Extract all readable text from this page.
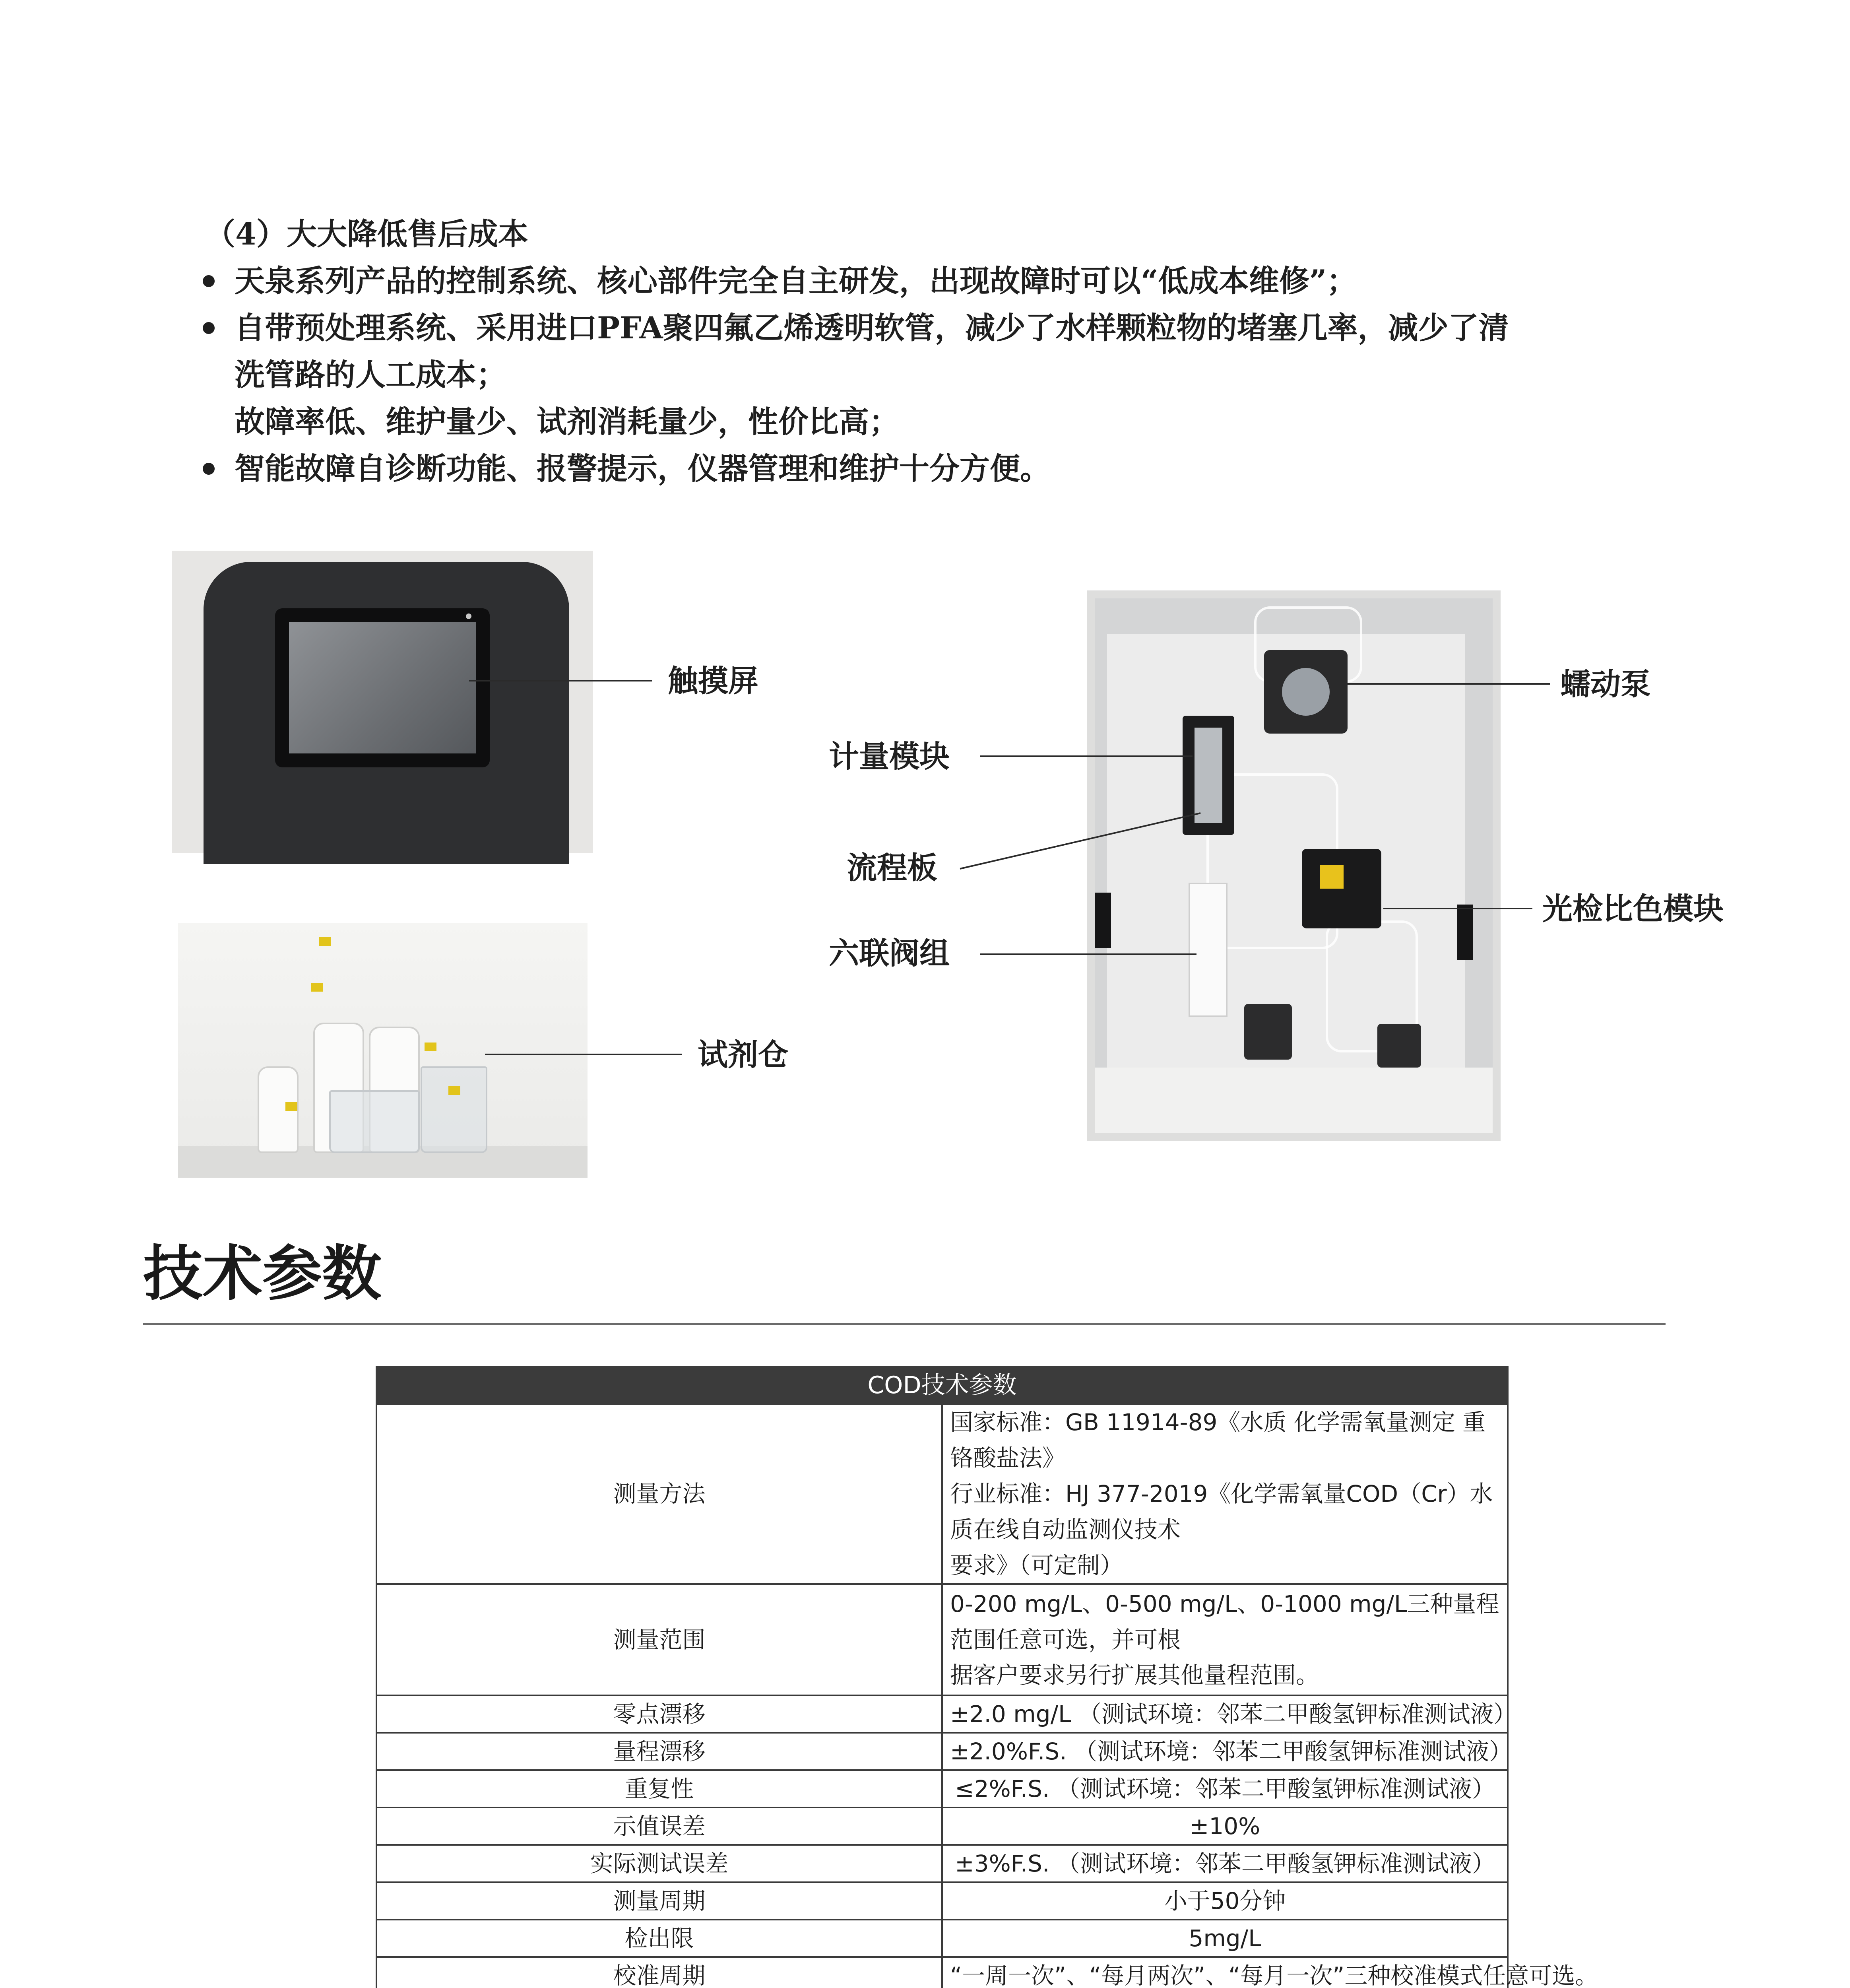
（4）大大降低售后成本
天泉系列产品的控制系统、核心部件完全自主研发，出现故障时可以“低成本维修”；
自带预处理系统、采用进口PFA聚四氟乙烯透明软管，减少了水样颗粒物的堵塞几率，减少了清
洗管路的人工成本；
故障率低、维护量少、试剂消耗量少，性价比高；
智能故障自诊断功能、报警提示，仪器管理和维护十分方便。
触摸屏
试剂仓
计量模块
流程板
六联阀组
蠕动泵
光检比色模块
技术参数
COD技术参数	
测量方法	国家标准：GB 11914-89《水质 化学需氧量测定 重铬酸盐法》
行业标准：HJ 377-2019《化学需氧量COD（Cr）水质在线自动监测仪技术
要求》（可定制）

测量范围	0-200 mg/L、0-500 mg/L、0-1000 mg/L三种量程范围任意可选，并可根
据客户要求另行扩展其他量程范围。

零点漂移	±2.0 mg/L （测试环境：邻苯二甲酸氢钾标准测试液）
量程漂移	±2.0%F.S. （测试环境：邻苯二甲酸氢钾标准测试液）
重复性	≤2%F.S. （测试环境：邻苯二甲酸氢钾标准测试液）
示值误差	±10%
实际测试误差	±3%F.S. （测试环境：邻苯二甲酸氢钾标准测试液）
测量周期	小于50分钟
检出限	5mg/L
校准周期	“一周一次”、“每月两次”、“每月一次”三种校准模式任意可选。
